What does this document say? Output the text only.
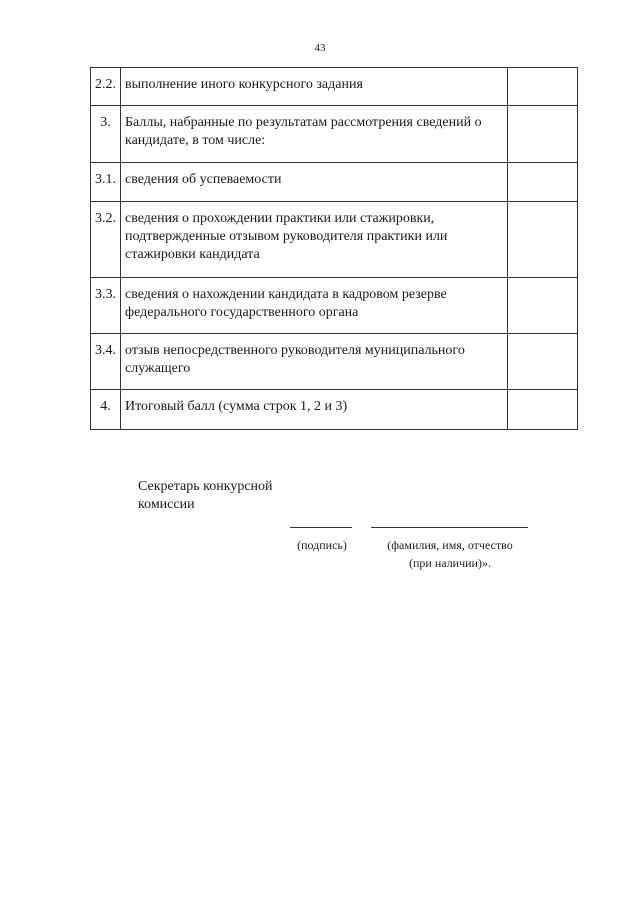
43
2.2.	выполнение иного конкурсного задания	
3.	Баллы, набранные по результатам рассмотрения сведений о кандидате, в том числе:	
3.1.	сведения об успеваемости	
3.2.	сведения о прохождении практики или стажировки, подтвержденные отзывом руководителя практики или стажировки кандидата	
3.3.	сведения о нахождении кандидата в кадровом резерве федерального государственного органа	
3.4.	отзыв непосредственного руководителя муниципального служащего	
4.	Итоговый балл (сумма строк 1, 2 и 3)	
Секретарь конкурсной
комиссии
(подпись)	(фамилия, имя, отчество
(при наличии)».
